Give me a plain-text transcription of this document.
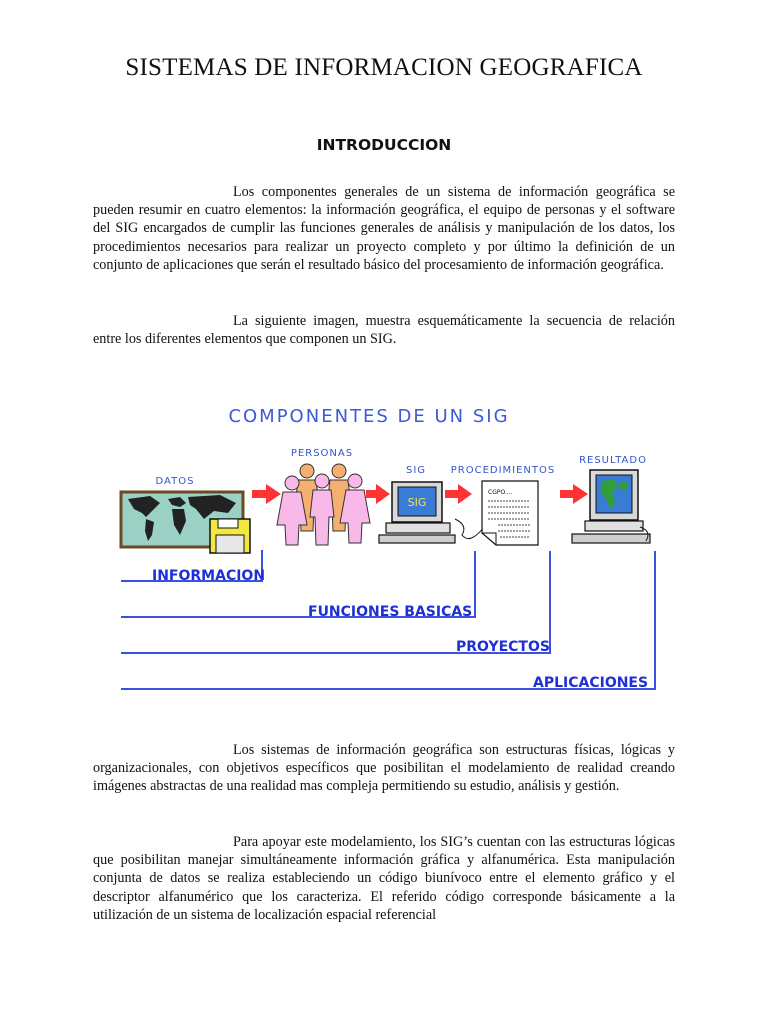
SISTEMAS DE INFORMACION GEOGRAFICA
INTRODUCCION

Los componentes generales de un sistema de información geográfica se pueden resumir en cuatro elementos: la información geográfica, el equipo de personas y el software del SIG encargados de cumplir las funciones generales de análisis y manipulación de los datos, los procedimientos necesarios para realizar un proyecto completo y por último la definición de un conjunto de aplicaciones que serán el resultado básico del procesamiento de información geográfica.

La siguiente imagen, muestra esquemáticamente la secuencia de relación entre los diferentes elementos que componen un SIG.

COMPONENTES DE UN SIG
DATOS
PERSONAS
SIG PROCEDIMIENTOS
RESULTADO
SIG
CGPO....
INFORMACION
FUNCIONES BASICAS
PROYECTOS
APLICACIONES

Los sistemas de información geográfica son estructuras físicas, lógicas y organizacionales, con objetivos específicos que posibilitan el modelamiento de realidad creando imágenes abstractas de una realidad mas compleja permitiendo su estudio, análisis y gestión.

Para apoyar este modelamiento, los SIG’s cuentan con las estructuras lógicas que posibilitan manejar simultáneamente información gráfica y alfanumérica. Esta manipulación conjunta de datos se realiza estableciendo un código biunívoco entre el elemento gráfico y el descriptor alfanumérico que los caracteriza. El referido código corresponde básicamente a la utilización de un sistema de localización espacial referencial
